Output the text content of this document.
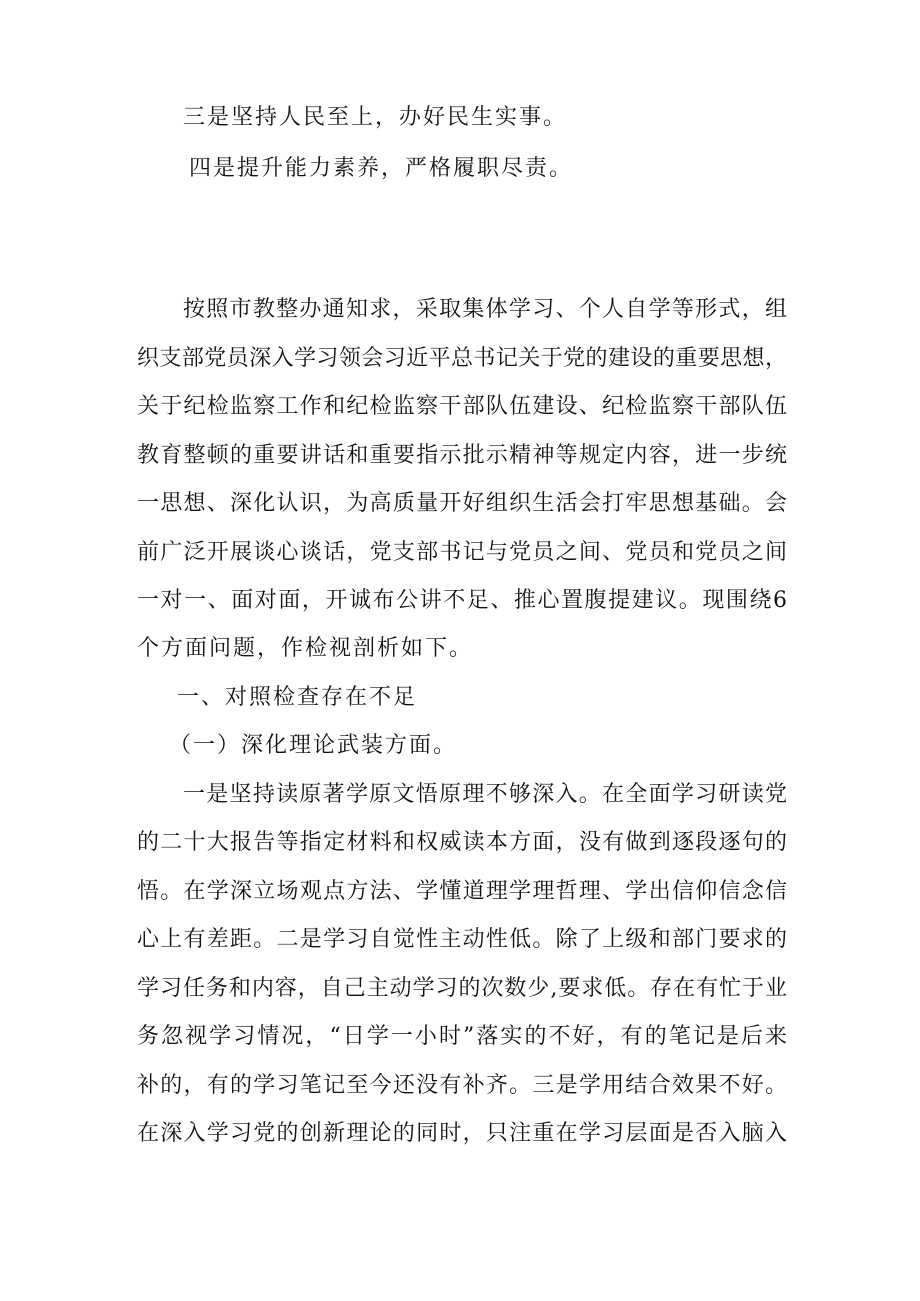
三是坚持人民至上，办好民生实事。
四是提升能力素养，严格履职尽责。
按照市教整办通知求，采取集体学习、个人自学等形式，组
织支部党员深入学习领会习近平总书记关于党的建设的重要思想，
关于纪检监察工作和纪检监察干部队伍建设、纪检监察干部队伍
教育整顿的重要讲话和重要指示批示精神等规定内容，进一步统
一思想、深化认识，为高质量开好组织生活会打牢思想基础。会
前广泛开展谈心谈话，党支部书记与党员之间、党员和党员之间
一对一、面对面，开诚布公讲不足、推心置腹提建议。现围绕6
个方面问题，作检视剖析如下。
一、对照检查存在不足
（一）深化理论武装方面。
一是坚持读原著学原文悟原理不够深入。在全面学习研读党
的二十大报告等指定材料和权威读本方面，没有做到逐段逐句的
悟。在学深立场观点方法、学懂道理学理哲理、学出信仰信念信
心上有差距。二是学习自觉性主动性低。除了上级和部门要求的
学习任务和内容，自己主动学习的次数少,要求低。存在有忙于业
务忽视学习情况，“日学一小时”落实的不好，有的笔记是后来
补的，有的学习笔记至今还没有补齐。三是学用结合效果不好。
在深入学习党的创新理论的同时，只注重在学习层面是否入脑入
